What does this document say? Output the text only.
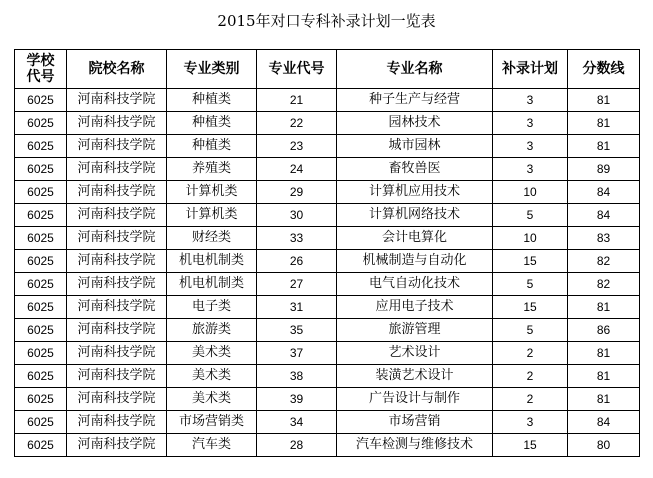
2015年对口专科补录计划一览表
学校
代号	院校名称	专业类别	专业代号	专业名称	补录计划	分数线
6025	河南科技学院	种植类	21	种子生产与经营	3	81
6025	河南科技学院	种植类	22	园林技术	3	81
6025	河南科技学院	种植类	23	城市园林	3	81
6025	河南科技学院	养殖类	24	畜牧兽医	3	89
6025	河南科技学院	计算机类	29	计算机应用技术	10	84
6025	河南科技学院	计算机类	30	计算机网络技术	5	84
6025	河南科技学院	财经类	33	会计电算化	10	83
6025	河南科技学院	机电机制类	26	机械制造与自动化	15	82
6025	河南科技学院	机电机制类	27	电气自动化技术	5	82
6025	河南科技学院	电子类	31	应用电子技术	15	81
6025	河南科技学院	旅游类	35	旅游管理	5	86
6025	河南科技学院	美术类	37	艺术设计	2	81
6025	河南科技学院	美术类	38	装潢艺术设计	2	81
6025	河南科技学院	美术类	39	广告设计与制作	2	81
6025	河南科技学院	市场营销类	34	市场营销	3	84
6025	河南科技学院	汽车类	28	汽车检测与维修技术	15	80
